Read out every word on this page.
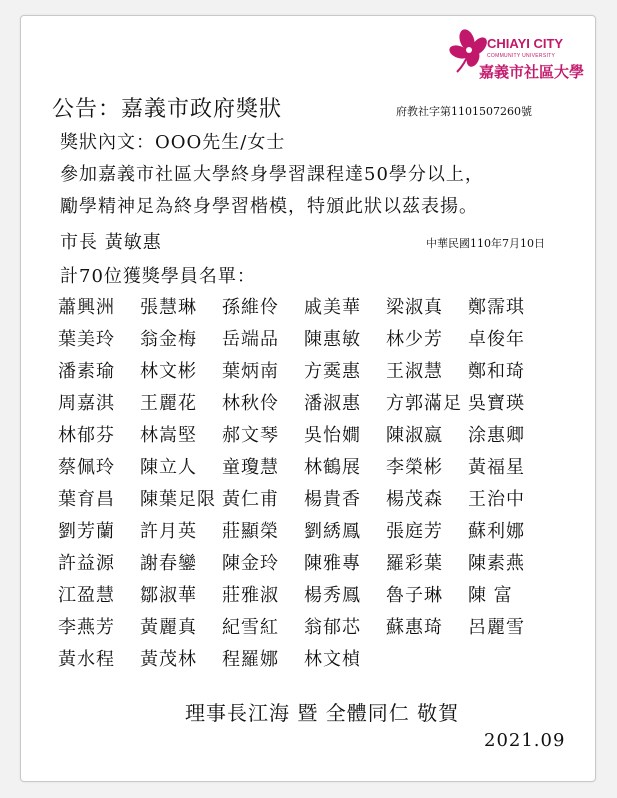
CHIAYI CITY
COMMUNITY UNIVERSITY
嘉義市社區大學
公告：嘉義市政府獎狀	府教社字第1101507260號
獎狀內文：OOO先生/女士
參加嘉義市社區大學終身學習課程達50學分以上，
勵學精神足為終身學習楷模，特頒此狀以茲表揚。
市長 黃敏惠	中華民國110年7月10日
計70位獲獎學員名單：
蕭興洲	張慧琳	孫維伶	戚美華	梁淑真	鄭霈琪
葉美玲	翁金梅	岳端品	陳惠敏	林少芳	卓俊年
潘素瑜	林文彬	葉炳南	方霙惠	王淑慧	鄭和琦
周嘉淇	王麗花	林秋伶	潘淑惠	方郭滿足 吳寶瑛
林郁芬	林嵩堅	郝文琴	吳怡嫺	陳淑嬴	涂惠卿
蔡佩玲	陳立人	童瓊慧	林鶴展	李榮彬	黃福星
葉育昌	陳葉足限 黃仁甫	楊貴香	楊茂森	王治中
劉芳蘭	許月英	莊顯榮	劉綉鳳	張庭芳	蘇利娜
許益源	謝春鑾	陳金玲	陳雅專	羅彩葉	陳素燕
江盈慧	鄒淑華	莊雅淑	楊秀鳳	魯子琳	陳 富
李燕芳	黃麗真	紀雪紅	翁郁芯	蘇惠琦	呂麗雪
黃水程	黃茂林	程羅娜	林文楨
理事長江海 暨 全體同仁 敬賀
2021.09
